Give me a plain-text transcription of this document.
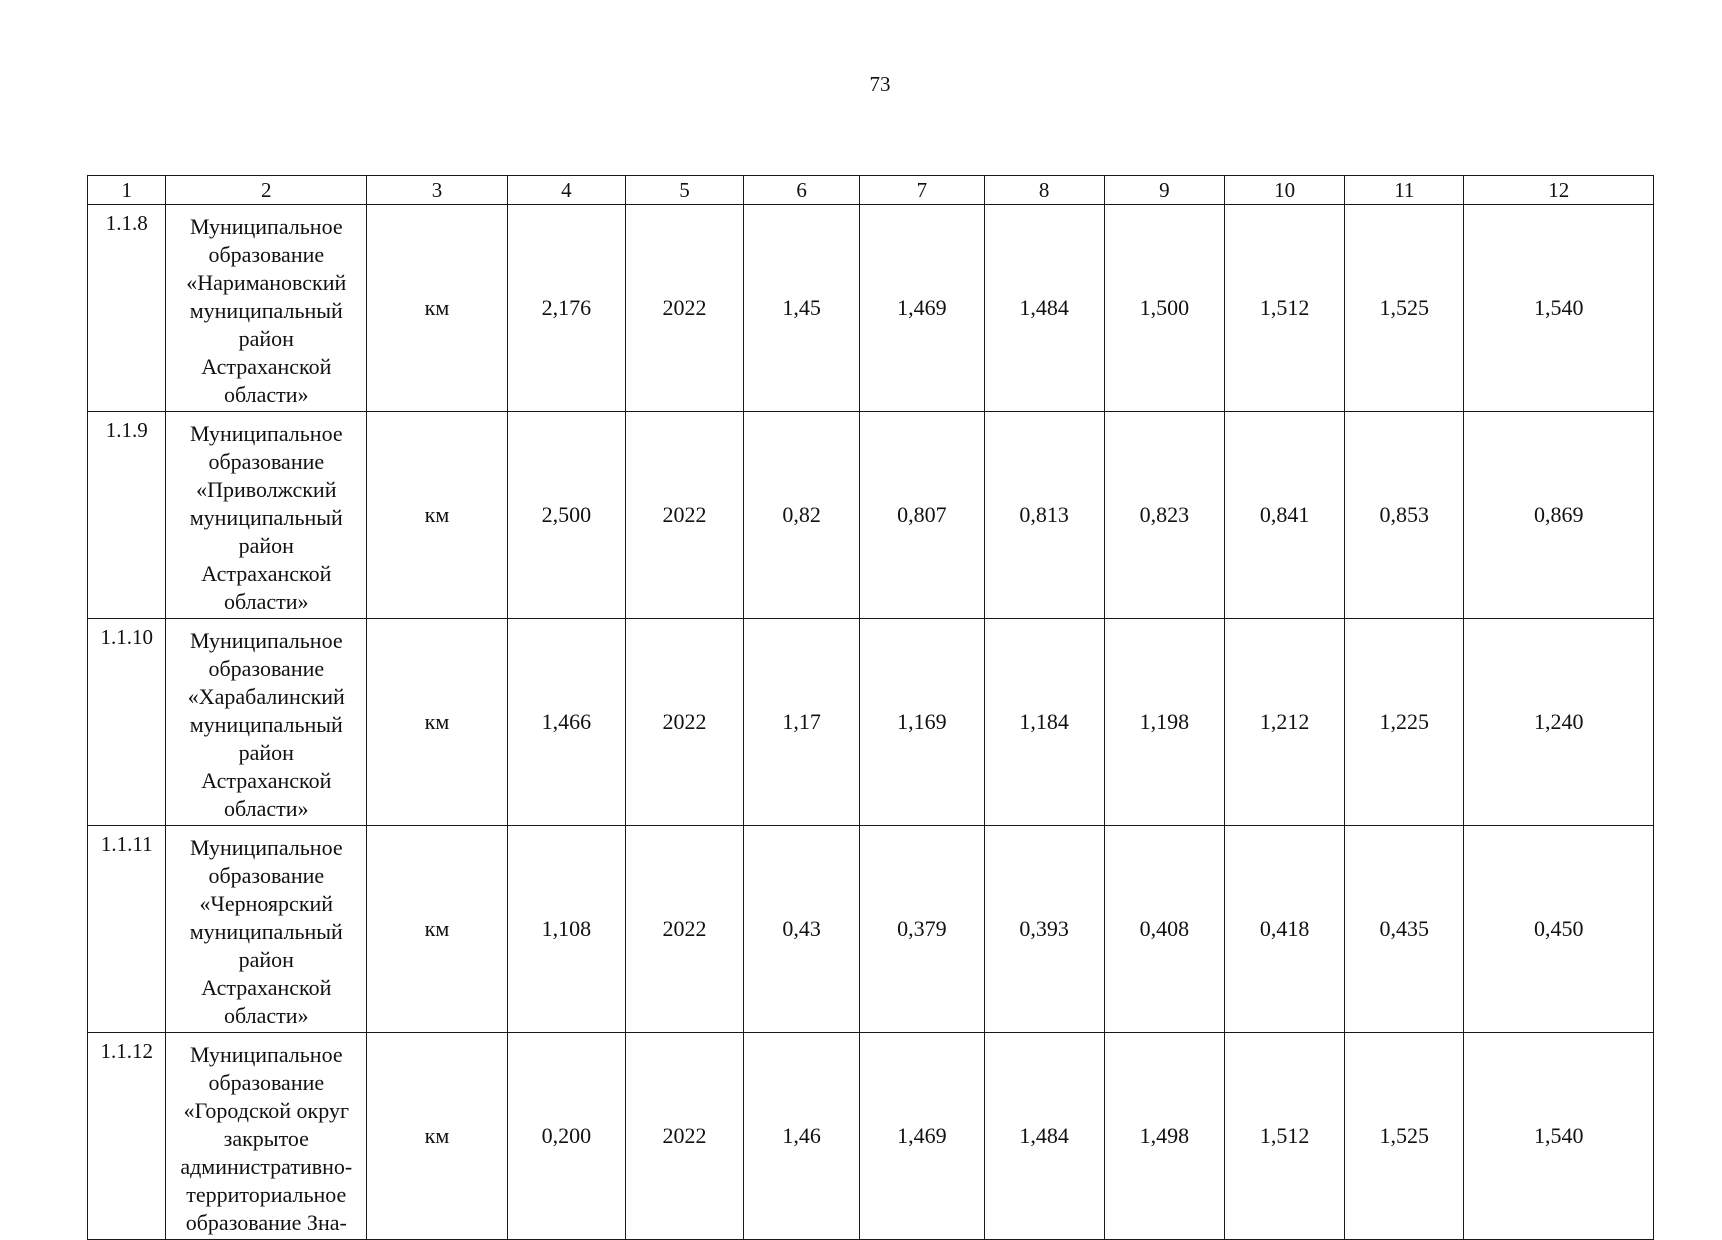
73
1	2	3	4	5	6	7	8	9	10	11	12
1.1.8	Муниципальное образование «Наримановский муниципальный район Астраханской области»	км	2,176	2022	1,45	1,469	1,484	1,500	1,512	1,525	1,540
1.1.9	Муниципальное образование «Приволжский муниципальный район Астраханской области»	км	2,500	2022	0,82	0,807	0,813	0,823	0,841	0,853	0,869
1.1.10	Муниципальное образование «Харабалинский муниципальный район Астраханской области»	км	1,466	2022	1,17	1,169	1,184	1,198	1,212	1,225	1,240
1.1.11	Муниципальное образование «Черноярский муниципальный район Астраханской области»	км	1,108	2022	0,43	0,379	0,393	0,408	0,418	0,435	0,450
1.1.12	Муниципальное образование «Городской округ закрытое административно-территориальное образование Зна-	км	0,200	2022	1,46	1,469	1,484	1,498	1,512	1,525	1,540
